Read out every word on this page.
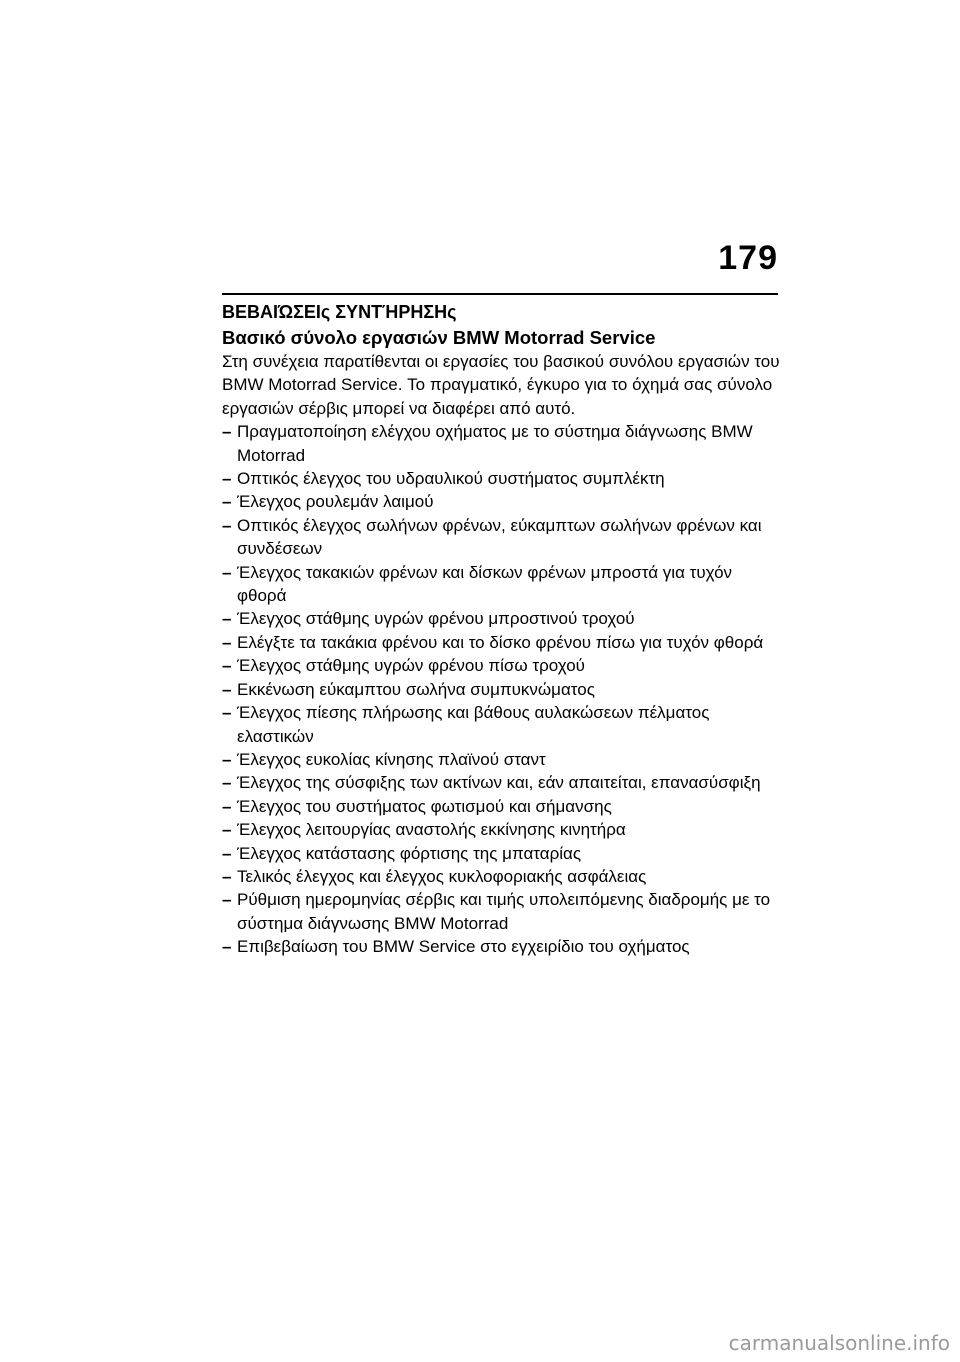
179
ΒΕΒΑΙΏΣΕΙς ΣΥΝΤΉΡΗΣΗς
Βασικό σύνολο εργασιών BMW Motorrad Service

Στη συνέχεια παρατίθενται οι εργασίες του βασικού συνόλου εργασιών του BMW Motorrad Service. Το πραγματικό, έγκυρο για το όχημά σας σύνολο εργασιών σέρβις μπορεί να διαφέρει από αυτό.

– Πραγματοποίηση ελέγχου οχήματος με το σύστημα διάγνωσης BMW Motorrad
– Οπτικός έλεγχος του υδραυλικού συστήματος συμπλέκτη
– Έλεγχος ρουλεμάν λαιμού
– Οπτικός έλεγχος σωλήνων φρένων, εύκαμπτων σωλήνων φρένων και συνδέσεων
– Έλεγχος τακακιών φρένων και δίσκων φρένων μπροστά για τυχόν φθορά
– Έλεγχος στάθμης υγρών φρένου μπροστινού τροχού
– Ελέγξτε τα τακάκια φρένου και το δίσκο φρένου πίσω για τυχόν φθορά
– Έλεγχος στάθμης υγρών φρένου πίσω τροχού
– Εκκένωση εύκαμπτου σωλήνα συμπυκνώματος
– Έλεγχος πίεσης πλήρωσης και βάθους αυλακώσεων πέλματος ελαστικών
– Έλεγχος ευκολίας κίνησης πλαϊνού σταντ
– Έλεγχος της σύσφιξης των ακτίνων και, εάν απαιτείται, επανασύσφιξη
– Έλεγχος του συστήματος φωτισμού και σήμανσης
– Έλεγχος λειτουργίας αναστολής εκκίνησης κινητήρα
– Έλεγχος κατάστασης φόρτισης της μπαταρίας
– Τελικός έλεγχος και έλεγχος κυκλοφοριακής ασφάλειας
– Ρύθμιση ημερομηνίας σέρβις και τιμής υπολειπόμενης διαδρομής με το σύστημα διάγνωσης BMW Motorrad
– Επιβεβαίωση του BMW Service στο εγχειρίδιο του οχήματος
carmanualsonline.info
